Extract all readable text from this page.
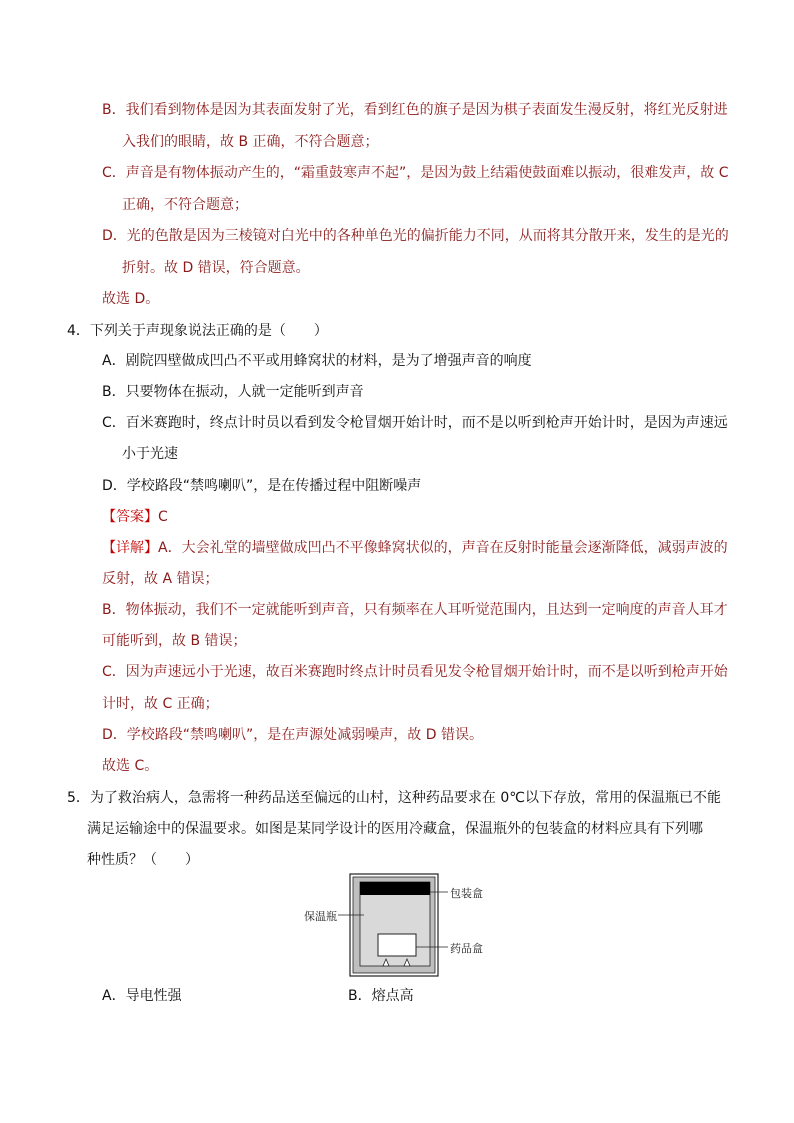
B．我们看到物体是因为其表面发射了光，看到红色的旗子是因为棋子表面发生漫反射，将红光反射进
入我们的眼睛，故 B 正确，不符合题意；
C．声音是有物体振动产生的，“霜重鼓寒声不起”，是因为鼓上结霜使鼓面难以振动，很难发声，故 C
正确，不符合题意；
D．光的色散是因为三棱镜对白光中的各种单色光的偏折能力不同，从而将其分散开来，发生的是光的
折射。故 D 错误，符合题意。
故选 D。
4．下列关于声现象说法正确的是（　　）
A．剧院四壁做成凹凸不平或用蜂窝状的材料，是为了增强声音的响度
B．只要物体在振动，人就一定能听到声音
C．百米赛跑时，终点计时员以看到发令枪冒烟开始计时，而不是以听到枪声开始计时，是因为声速远
小于光速
D．学校路段“禁鸣喇叭”，是在传播过程中阻断噪声
【答案】C
【详解】A．大会礼堂的墙壁做成凹凸不平像蜂窝状似的，声音在反射时能量会逐渐降低，减弱声波的
反射，故 A 错误；
B．物体振动，我们不一定就能听到声音，只有频率在人耳听觉范围内，且达到一定响度的声音人耳才
可能听到，故 B 错误；
C．因为声速远小于光速，故百米赛跑时终点计时员看见发令枪冒烟开始计时，而不是以听到枪声开始
计时，故 C 正确；
D．学校路段“禁鸣喇叭”，是在声源处减弱噪声，故 D 错误。
故选 C。
5．为了救治病人，急需将一种药品送至偏远的山村，这种药品要求在 0℃以下存放，常用的保温瓶已不能
满足运输途中的保温要求。如图是某同学设计的医用冷藏盒，保温瓶外的包装盒的材料应具有下列哪
种性质？（　　）
包装盒
保温瓶
药品盒
A．导电性强	B．熔点高
